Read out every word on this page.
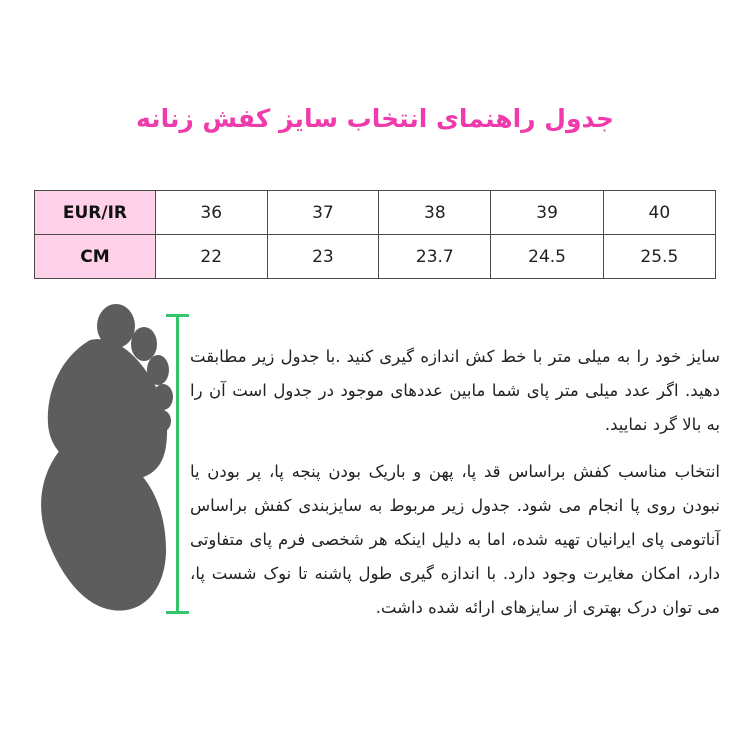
جدول راهنمای انتخاب سایز کفش زنانه
EUR/IR	36	37	38	39	40
CM	22	23	23.7	24.5	25.5

سایز خود را به میلی متر با خط کش اندازه گیری کنید .با جدول زیر مطابقت دهید. اگر عدد میلی متر پای شما مابین عددهای موجود در جدول است آن را به بالا گرد نمایید.

انتخاب مناسب کفش براساس قد پا، پهن و باریک بودن پنجه پا، پر بودن یا نبودن روی پا انجام می شود. جدول زیر مربوط به سایزبندی کفش براساس آناتومی پای ایرانیان تهیه شده، اما به دلیل اینکه هر شخصی فرم پای متفاوتی دارد، امکان مغایرت وجود دارد. با اندازه گیری طول پاشنه تا نوک شست پا، می توان درک بهتری از سایزهای ارائه شده داشت.
